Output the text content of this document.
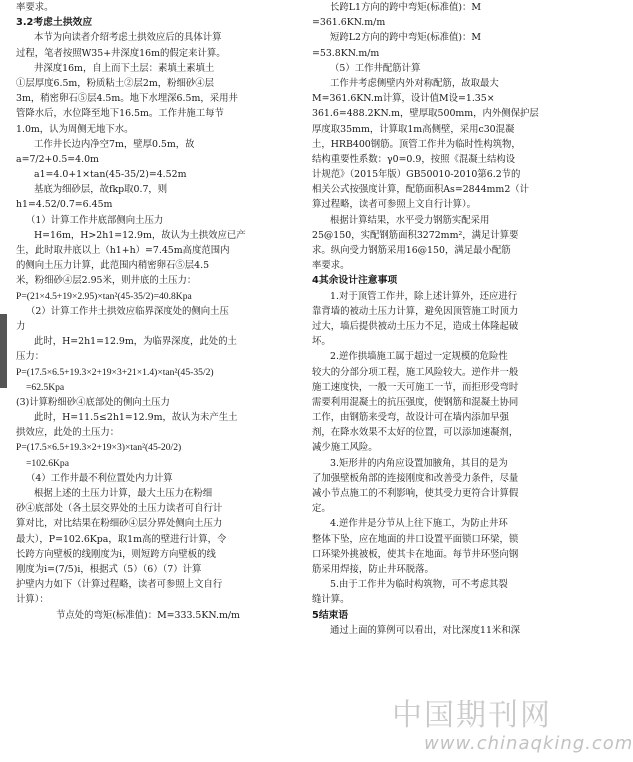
率要求。
3.2考虑土拱效应
本节为向读者介绍考虑土拱效应后的具体计算
过程，笔者按照W35+井深度16m的假定来计算。
井深度16m，自上而下土层：素填土素填土
①层厚度6.5m，粉质粘土②层2m，粉细砂④层
3m，稍密卵石⑤层4.5m。地下水埋深6.5m，采用井
管降水后，水位降至地下16.5m。工作井施工每节
1.0m，认为周侧无地下水。
工作井长边内净空7m，壁厚0.5m，故
a=7/2+0.5=4.0m
a1=4.0+1×tan(45-35/2)=4.52m
基底为细砂层，故fkp取0.7，则
h1=4.52/0.7=6.45m
（1）计算工作井底部侧向土压力
H=16m，H>2h1=12.9m，故认为土拱效应已产
生，此时取井底以上（h1+h）=7.45m高度范围内
的侧向土压力计算，此范围内稍密卵石⑤层4.5
米，粉细砂④层2.95米，则井底的土压力：
P=(21×4.5+19×2.95)×tan²(45-35/2)=40.8Kpa
（2）计算工作井土拱效应临界深度处的侧向土压
力
此时，H=2h1=12.9m，为临界深度，此处的土
压力：
P=(17.5×6.5+19.3×2+19×3+21×1.4)×tan²(45-35/2)
=62.5Kpa
(3)计算粉细砂④底部处的侧向土压力
此时，H=11.5≤2h1=12.9m，故认为未产生土
拱效应，此处的土压力：
P=(17.5×6.5+19.3×2+19×3)×tan²(45-20/2)
=102.6Kpa
（4）工作井最不利位置处内力计算
根据上述的土压力计算，最大土压力在粉细
砂④底部处（各土层交界处的土压力读者可自行计
算对比，对比结果在粉细砂④层分界处侧向土压力
最大），P=102.6Kpa，取1m高的壁进行计算，令
长跨方向壁板的线刚度为i，则短跨方向壁板的线
刚度为i=(7/5)i，根据式（5）（6）（7）计算
护壁内力如下（计算过程略，读者可参照上文自行
计算）：
节点处的弯矩(标准值)：M=333.5KN.m/m
长跨L1方向的跨中弯矩(标准值)：M
=361.6KN.m/m
短跨L2方向的跨中弯矩(标准值)：M
=53.8KN.m/m
（5）工作井配筋计算
工作井考虑侧壁内外对称配筋，故取最大
M=361.6KN.m计算，设计值M设=1.35×
361.6=488.2KN.m，壁厚取500mm，内外侧保护层
厚度取35mm，计算取1m高侧壁，采用c30混凝
土，HRB400钢筋。顶管工作井为临时性构筑物，
结构重要性系数：γ0=0.9，按照《混凝土结构设
计规范》（2015年版）GB50010-2010第6.2节的
相关公式按强度计算，配筋面积As=2844mm2（计
算过程略，读者可参照上文自行计算）。
根据计算结果，水平受力钢筋实配采用
25@150，实配钢筋面积3272mm²，满足计算要
求。纵向受力钢筋采用16@150，满足最小配筋
率要求。
4其余设计注意事项
1.对于顶管工作井，除上述计算外，还应进行
靠背墙的被动土压力计算，避免因顶管施工时顶力
过大，墙后提供被动土压力不足，造成土体隆起破
坏。
2.逆作拱墙施工属于超过一定规模的危险性
较大的分部分项工程，施工风险较大。逆作井一般
施工速度快，一般一天可施工一节，而拒形受弯时
需要利用混凝土的抗压强度，使钢筋和混凝土协同
工作，由钢筋来受弯，故设计可在墙内添加早强
剂，在降水效果不太好的位置，可以添加速凝剂，
减少施工风险。
3.矩形井的内角应设置加腋角，其目的是为
了加强壁板角部的连接刚度和改善受力条件，尽量
减小节点施工的不利影响，使其受力更符合计算假
定。
4.逆作井是分节从上往下施工，为防止井环
整体下坠，应在地面的井口设置平面锁口环梁，锁
口环梁外挑被板，使其卡在地面。每节井环竖向钢
筋采用焊接，防止井环脱落。
5.由于工作井为临时构筑物，可不考虑其裂
缝计算。
5结束语
通过上面的算例可以看出，对比深度11米和深
中国期刊网
www.chinaqking.com
